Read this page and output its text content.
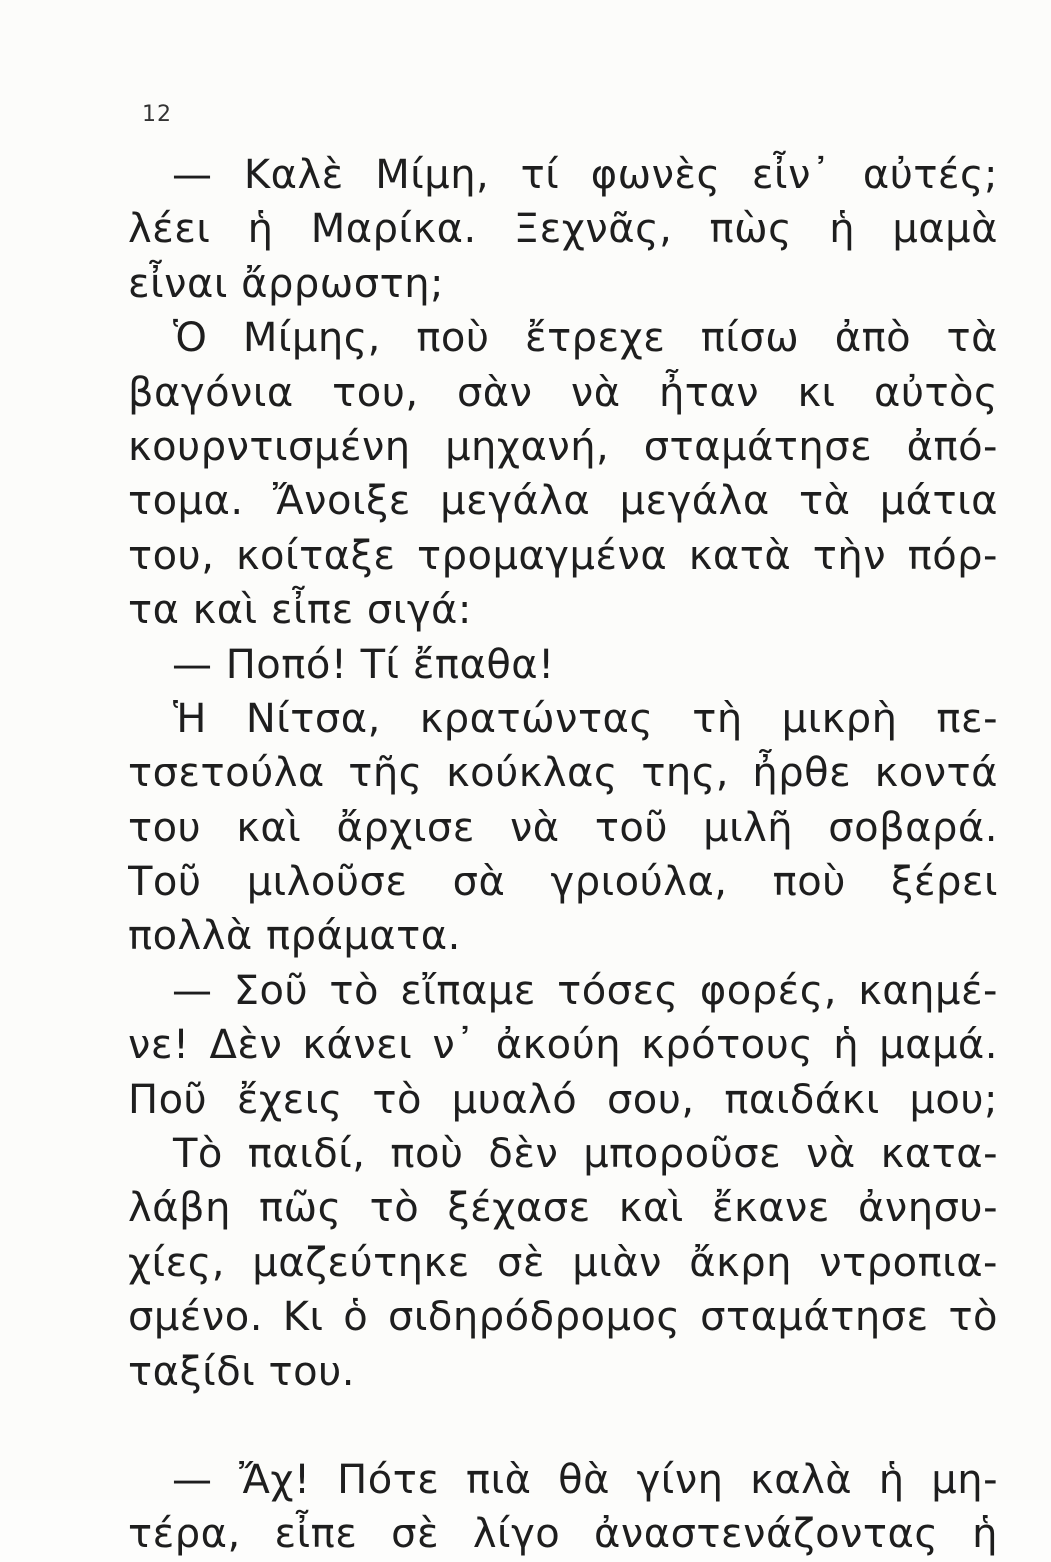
12
— Καλὲ Μίμη, τί φωνὲς εἶν᾽ αὐτές;
λέει ἡ Μαρίκα. Ξεχνᾶς, πὼς ἡ μαμὰ
εἶναι ἄρρωστη;
Ὁ Μίμης, ποὺ ἔτρεχε πίσω ἀπὸ τὰ
βαγόνια του, σὰν νὰ ἦταν κι αὐτὸς
κουρντισμένη μηχανή, σταμάτησε ἀπό-
τομα. Ἄνοιξε μεγάλα μεγάλα τὰ μάτια
του, κοίταξε τρομαγμένα κατὰ τὴν πόρ-
τα καὶ εἶπε σιγά:
— Ποπό! Τί ἔπαθα!
Ἡ Νίτσα, κρατώντας τὴ μικρὴ πε-
τσετούλα τῆς κούκλας της, ἦρθε κοντά
του καὶ ἄρχισε νὰ τοῦ μιλῆ σοβαρά.
Τοῦ μιλοῦσε σὰ γριούλα, ποὺ ξέρει
πολλὰ πράματα.
— Σοῦ τὸ εἴπαμε τόσες φορές, καημέ-
νε! Δὲν κάνει ν᾽ ἀκούη κρότους ἡ μαμά.
Ποῦ ἔχεις τὸ μυαλό σου, παιδάκι μου;
Τὸ παιδί, ποὺ δὲν μποροῦσε νὰ κατα-
λάβη πῶς τὸ ξέχασε καὶ ἔκανε ἀνησυ-
χίες, μαζεύτηκε σὲ μιὰν ἄκρη ντροπια-
σμένο. Κι ὁ σιδηρόδρομος σταμάτησε τὸ
ταξίδι του.
— Ἄχ! Πότε πιὰ θὰ γίνη καλὰ ἡ μη-
τέρα, εἶπε σὲ λίγο ἀναστενάζοντας ἡ
